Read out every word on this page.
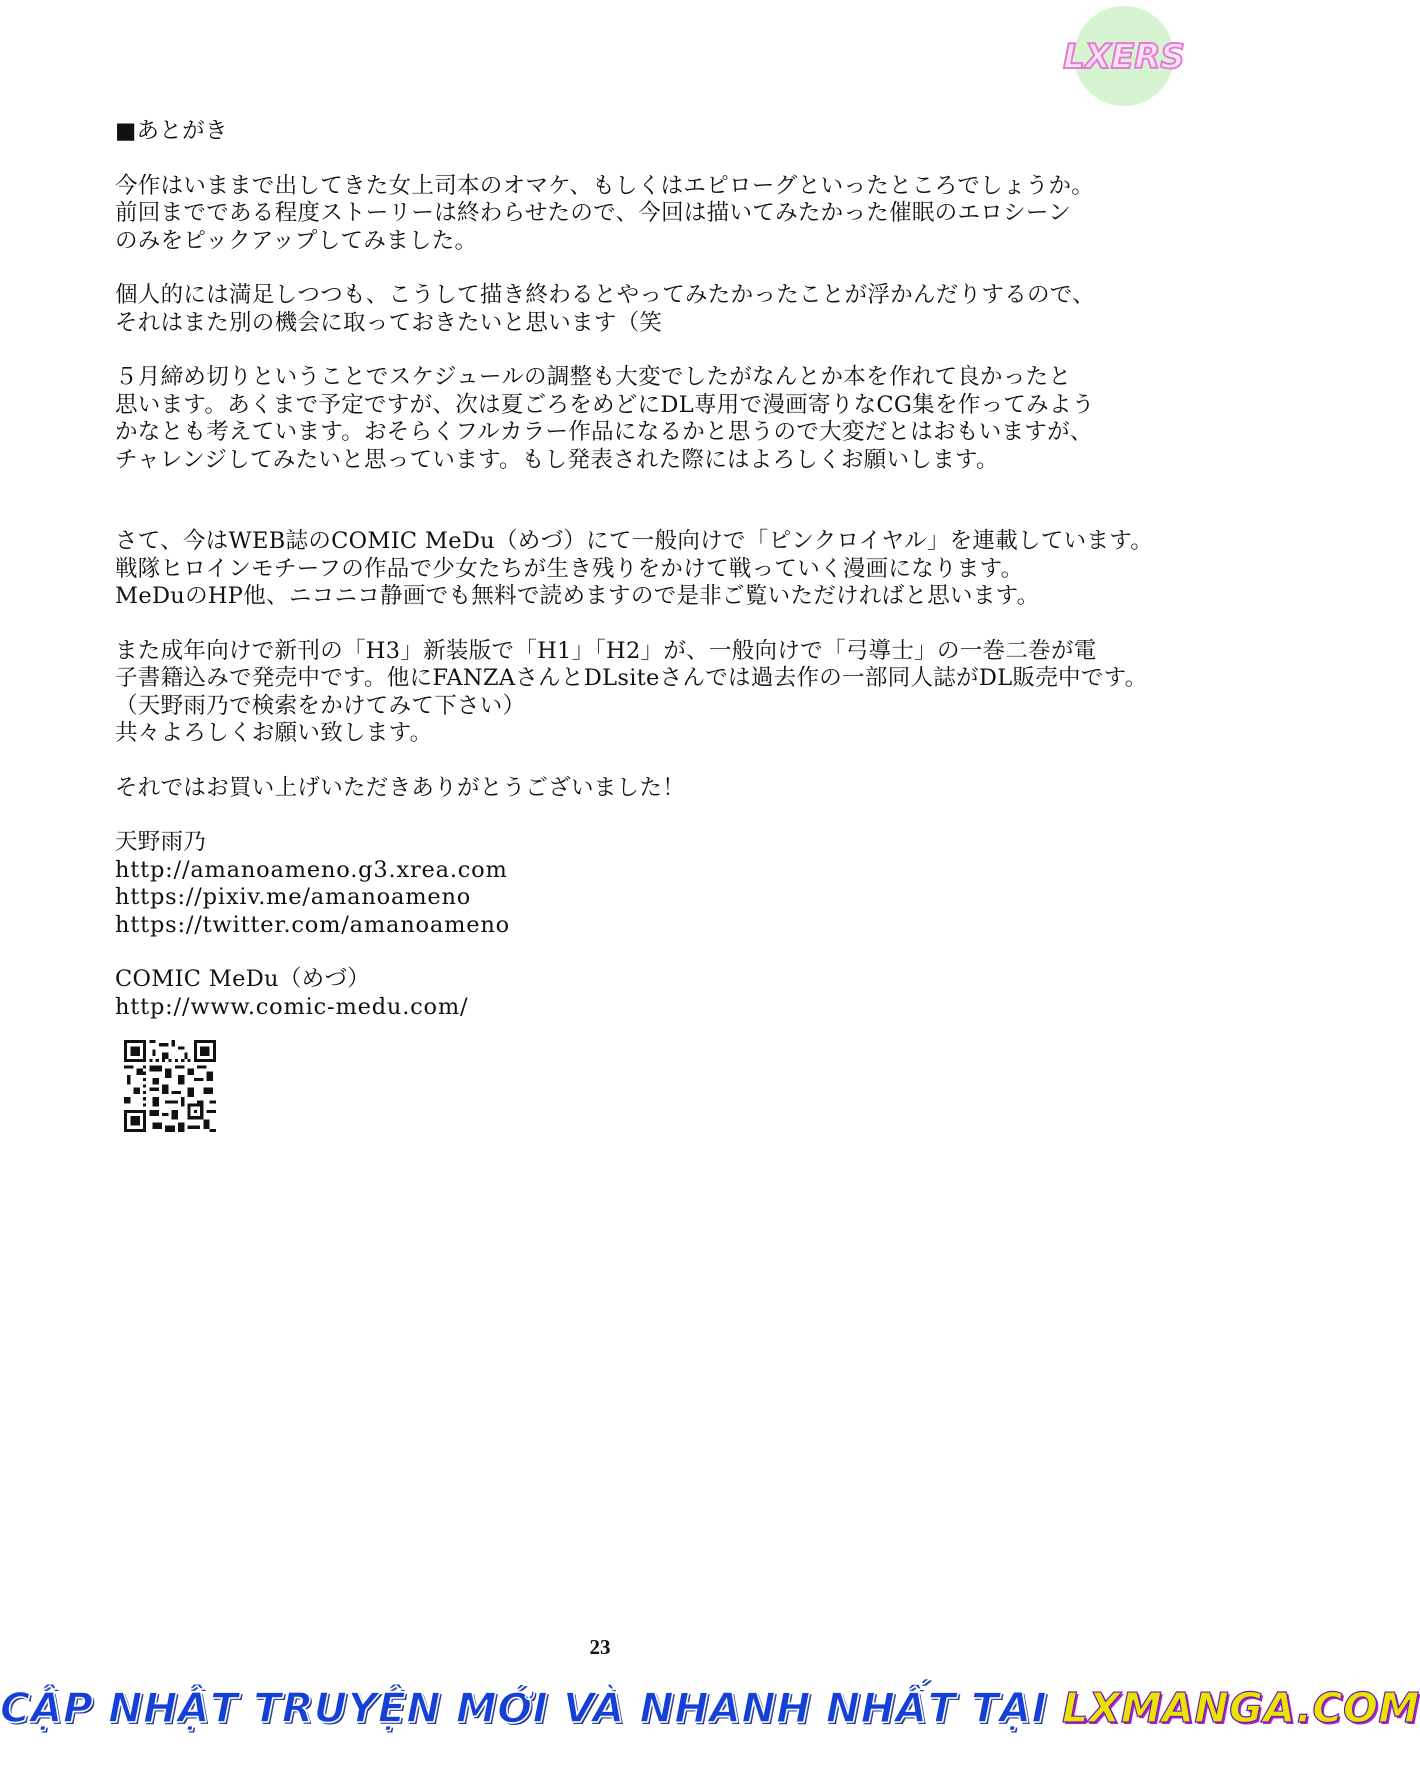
LXERS
■あとがき
今作はいままで出してきた女上司本のオマケ、もしくはエピローグといったところでしょうか。
前回までである程度ストーリーは終わらせたので、今回は描いてみたかった催眠のエロシーン
のみをピックアップしてみました。
個人的には満足しつつも、こうして描き終わるとやってみたかったことが浮かんだりするので、
それはまた別の機会に取っておきたいと思います（笑
５月締め切りということでスケジュールの調整も大変でしたがなんとか本を作れて良かったと
思います。あくまで予定ですが、次は夏ごろをめどにDL専用で漫画寄りなCG集を作ってみよう
かなとも考えています。おそらくフルカラー作品になるかと思うので大変だとはおもいますが、
チャレンジしてみたいと思っています。もし発表された際にはよろしくお願いします。
さて、今はWEB誌のCOMIC MeDu（めづ）にて一般向けで「ピンクロイヤル」を連載しています。
戦隊ヒロインモチーフの作品で少女たちが生き残りをかけて戦っていく漫画になります。
MeDuのHP他、ニコニコ静画でも無料で読めますので是非ご覧いただければと思います。
また成年向けで新刊の「H3」新装版で「H1」「H2」が、一般向けで「弓導士」の一巻二巻が電
子書籍込みで発売中です。他にFANZAさんとDLsiteさんでは過去作の一部同人誌がDL販売中です。
（天野雨乃で検索をかけてみて下さい）
共々よろしくお願い致します。
それではお買い上げいただきありがとうございました！
天野雨乃
http://amanoameno.g3.xrea.com
https://pixiv.me/amanoameno
https://twitter.com/amanoameno
COMIC MeDu（めづ）
http://www.comic-medu.com/
23
CẬP NHẬT TRUYỆN MỚI VÀ NHANH NHẤT TẠI LXMANGA.COM
